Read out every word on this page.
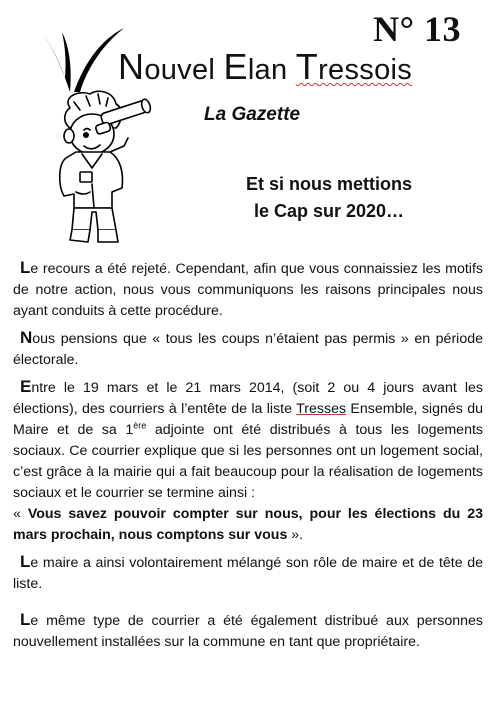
N° 13
Nouvel Elan Tressois
La Gazette
Et si nous mettions
le Cap sur 2020…

Le recours a été rejeté. Cependant, afin que vous connaissiez les motifs de notre action, nous vous communiquons les raisons principales nous ayant conduits à cette procédure.

Nous pensions que « tous les coups n’étaient pas permis » en période électorale.

Entre le 19 mars et le 21 mars 2014, (soit 2 ou 4 jours avant les élections), des courriers à l’entête de la liste Tresses Ensemble, signés du Maire et de sa 1ère adjointe ont été distribués à tous les logements sociaux. Ce courrier explique que si les personnes ont un logement social, c’est grâce à la mairie qui a fait beaucoup pour la réalisation de logements sociaux et le courrier se termine ainsi :

« Vous savez pouvoir compter sur nous, pour les élections du 23 mars prochain, nous comptons sur vous ».

Le maire a ainsi volontairement mélangé son rôle de maire et de tête de liste.

Le même type de courrier a été également distribué aux personnes nouvellement installées sur la commune en tant que propriétaire.
